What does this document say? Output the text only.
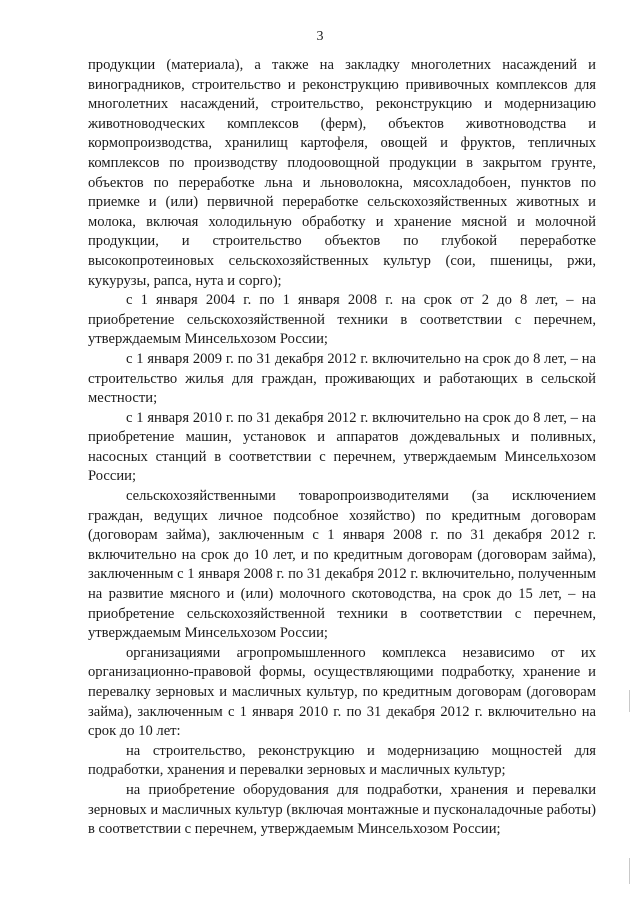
3

продукции (материала), а также на закладку многолетних насаждений и виноградников, строительство и реконструкцию прививочных комплексов для многолетних насаждений, строительство, реконструкцию и модернизацию животноводческих комплексов (ферм), объектов животноводства и кормопроизводства, хранилищ картофеля, овощей и фруктов, тепличных комплексов по производству плодоовощной продукции в закрытом грунте, объектов по переработке льна и льноволокна, мясохладобоен, пунктов по приемке и (или) первичной переработке сельскохозяйственных животных и молока, включая холодильную обработку и хранение мясной и молочной продукции, и строительство объектов по глубокой переработке высокопротеиновых сельскохозяйственных культур (сои, пшеницы, ржи, кукурузы, рапса, нута и сорго);

с 1 января 2004 г. по 1 января 2008 г. на срок от 2 до 8 лет, – на приобретение сельскохозяйственной техники в соответствии с перечнем, утверждаемым Минсельхозом России;

с 1 января 2009 г. по 31 декабря 2012 г. включительно на срок до 8 лет, – на строительство жилья для граждан, проживающих и работающих в сельской местности;

с 1 января 2010 г. по 31 декабря 2012 г. включительно на срок до 8 лет, – на приобретение машин, установок и аппаратов дождевальных и поливных, насосных станций в соответствии с перечнем, утверждаемым Минсельхозом России;

сельскохозяйственными товаропроизводителями (за исключением граждан, ведущих личное подсобное хозяйство) по кредитным договорам (договорам займа), заключенным с 1 января 2008 г. по 31 декабря 2012 г. включительно на срок до 10 лет, и по кредитным договорам (договорам займа), заключенным с 1 января 2008 г. по 31 декабря 2012 г. включительно, полученным на развитие мясного и (или) молочного скотоводства, на срок до 15 лет, – на приобретение сельскохозяйственной техники в соответствии с перечнем, утверждаемым Минсельхозом России;

организациями агропромышленного комплекса независимо от их организационно-правовой формы, осуществляющими подработку, хранение и перевалку зерновых и масличных культур, по кредитным договорам (договорам займа), заключенным с 1 января 2010 г. по 31 декабря 2012 г. включительно на срок до 10 лет:

на строительство, реконструкцию и модернизацию мощностей для подработки, хранения и перевалки зерновых и масличных культур;

на приобретение оборудования для подработки, хранения и перевалки зерновых и масличных культур (включая монтажные и пусконаладочные работы) в соответствии с перечнем, утверждаемым Минсельхозом России;
